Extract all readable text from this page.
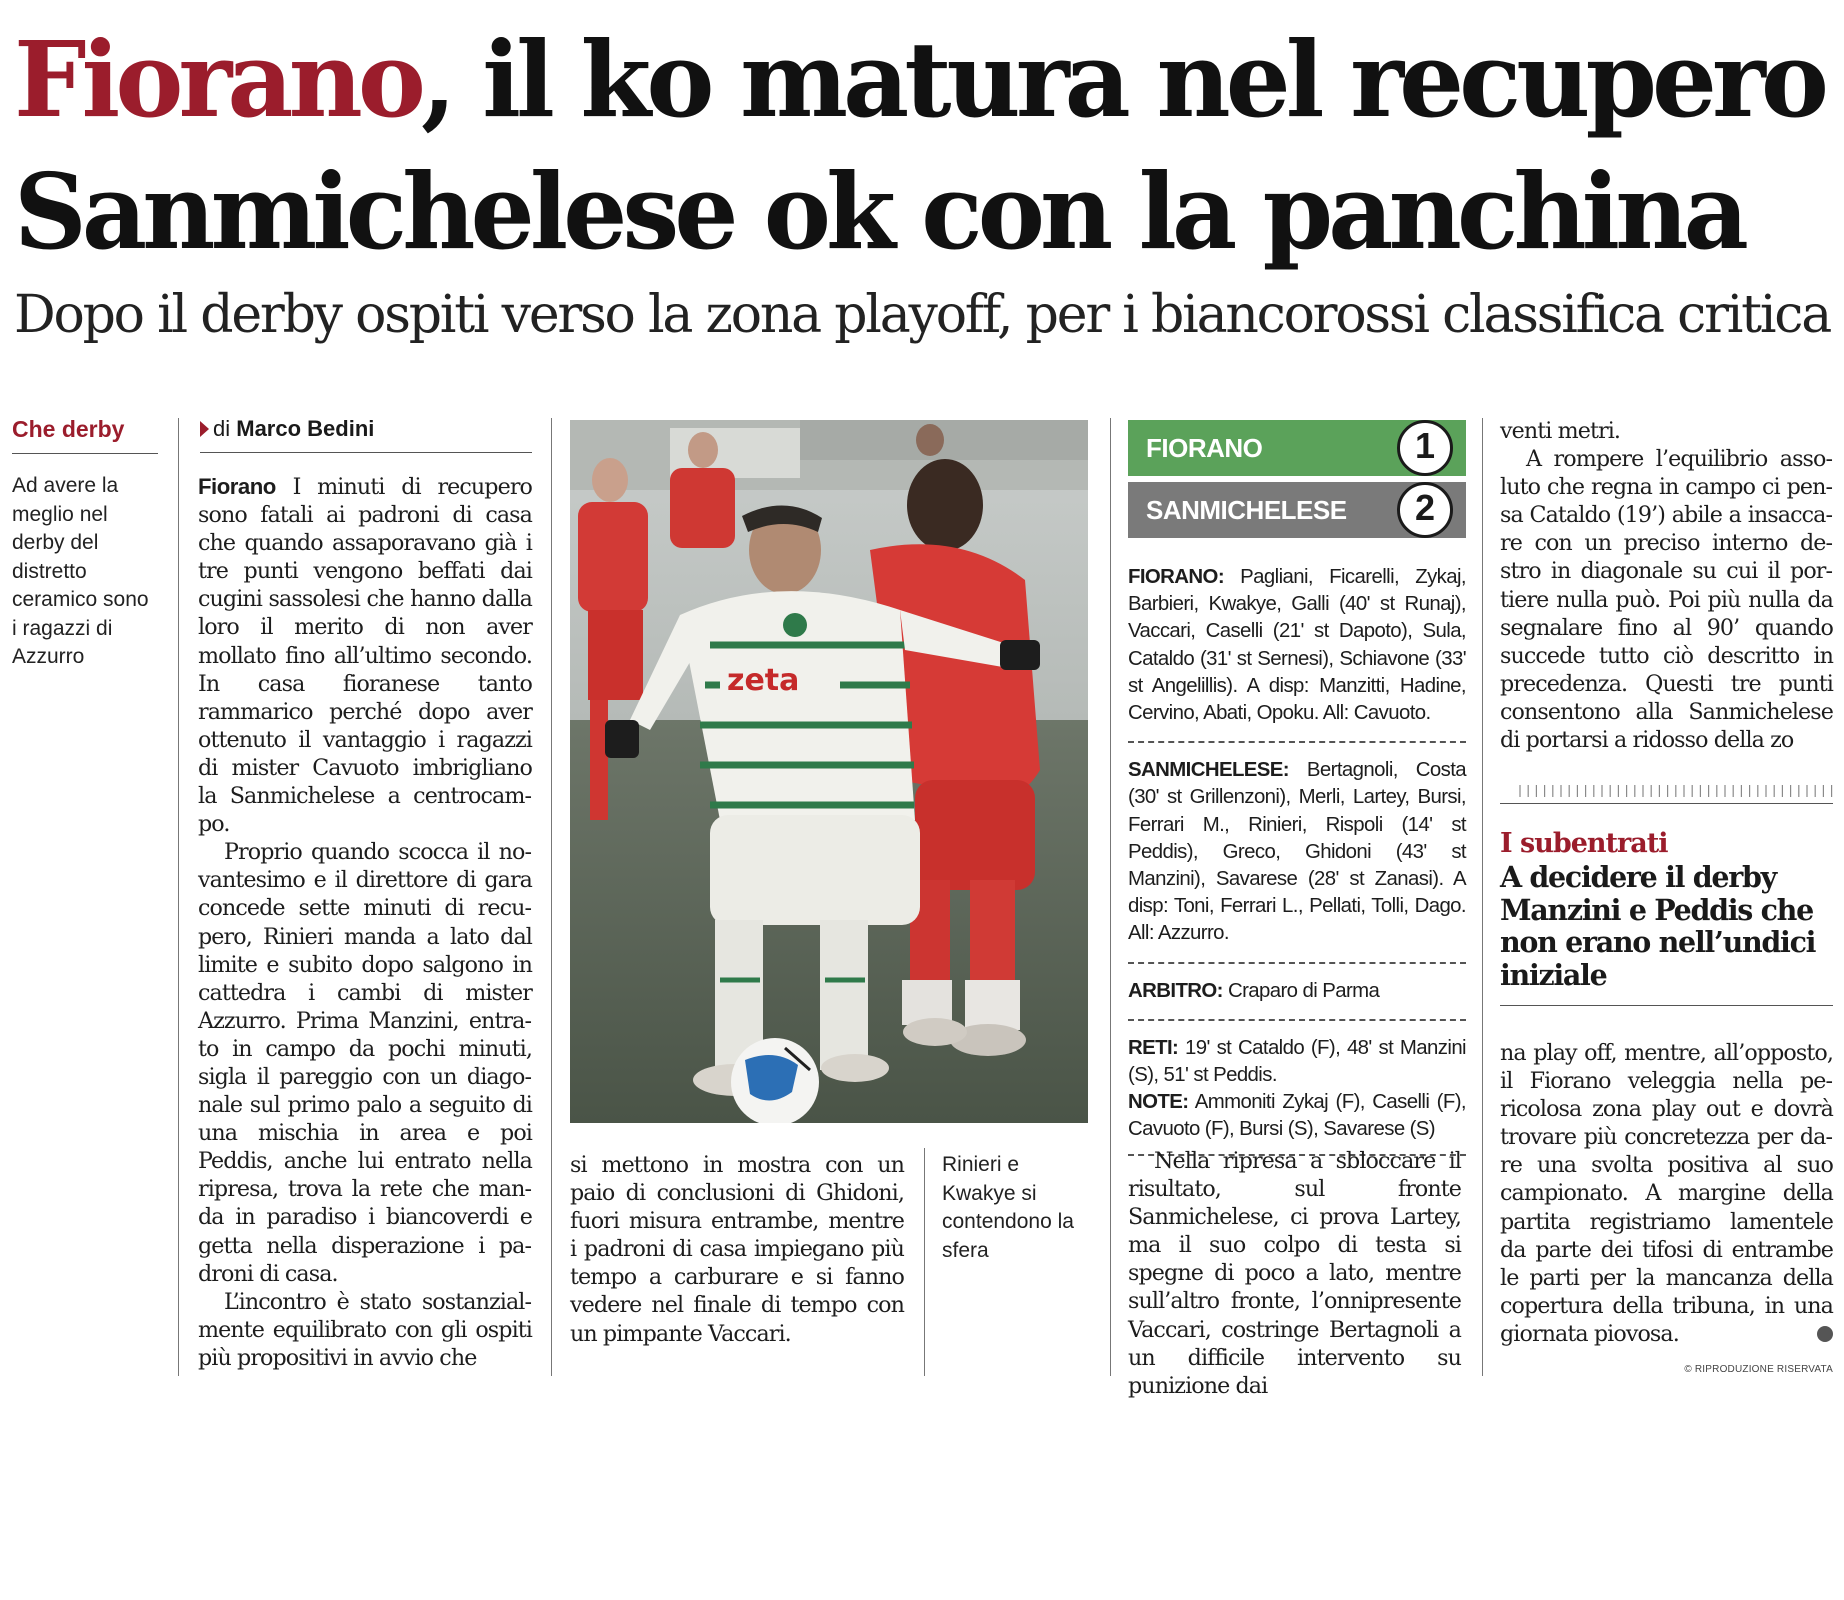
Fiorano, il ko matura nel recupero
Sanmichelese ok con la panchina
Dopo il derby ospiti verso la zona playoff, per i biancorossi classifica critica
Che derby
Ad avere la meglio nel derby del distretto ceramico sono i ragazzi di Azzurro
di Marco Bedini

Fiorano I minuti di recupero sono fatali ai padroni di casa che quando assaporavano già i tre punti vengono beffati dai cugini sassolesi che hanno dalla loro il merito di non aver mollato fino all’ultimo secondo. In casa fioranese tanto rammarico perché dopo aver ottenuto il vantaggio i ragazzi di mister Cavuoto imbrigliano la Sanmichelese a centrocampo.

Proprio quando scocca il novantesimo e il direttore di gara concede sette minuti di recupero, Rinieri manda a lato dal limite e subito dopo salgono in cattedra i cambi di mister Azzurro. Prima Manzini, entrato in campo da pochi minuti, sigla il pareggio con un diagonale sul primo palo a seguito di una mischia in area e poi Peddis, anche lui entrato nella ripresa, trova la rete che manda in paradiso i biancoverdi e getta nella disperazione i padroni di casa.

L’incontro è stato sostanzialmente equilibrato con gli ospiti più propositivi in avvio che

zeta

si mettono in mostra con un paio di conclusioni di Ghidoni, fuori misura entrambe, mentre i padroni di casa impiegano più tempo a carburare e si fanno vedere nel finale di tempo con un pimpante Vaccari.

Rinieri e Kwakye si contendono la sfera
FIORANO	1
SANMICHELESE	2
FIORANO: Pagliani, Ficarelli, Zykaj, Barbieri, Kwakye, Galli (40' st Runaj), Vaccari, Caselli (21' st Dapoto), Sula, Cataldo (31' st Sernesi), Schiavone (33' st Angelillis). A disp: Manzitti, Hadine, Cervino, Abati, Opoku. All: Cavuoto.
SANMICHELESE: Bertagnoli, Costa (30' st Grillenzoni), Merli, Lartey, Bursi, Ferrari M., Rinieri, Rispoli (14' st Peddis), Greco, Ghidoni (43' st Manzini), Savarese (28' st Zanasi). A disp: Toni, Ferrari L., Pellati, Tolli, Dago. All: Azzurro.
ARBITRO: Craparo di Parma
RETI: 19' st Cataldo (F), 48' st Manzini (S), 51' st Peddis.
NOTE: Ammoniti Zykaj (F), Caselli (F), Cavuoto (F), Bursi (S), Savarese (S)

Nella ripresa a sbloccare il risultato, sul fronte Sanmichelese, ci prova Lartey, ma il suo colpo di testa si spegne di poco a lato, mentre sull’altro fronte, l’onnipresente Vaccari, costringe Bertagnoli a un difficile intervento su punizione dai

venti metri.

A rompere l’equilibrio assoluto che regna in campo ci pensa Cataldo (19’) abile a insaccare con un preciso interno destro in diagonale su cui il portiere nulla può. Poi più nulla da segnalare fino al 90’ quando succede tutto ciò descritto in precedenza. Questi tre punti consentono alla Sanmichelese di portarsi a ridosso della zo

I subentrati
A decidere il derby Manzini e Peddis che non erano nell’undici iniziale

na play off, mentre, all’opposto, il Fiorano veleggia nella pericolosa zona play out e dovrà trovare più concretezza per dare una svolta positiva al suo campionato. A margine della partita registriamo lamentele da parte dei tifosi di entrambe le parti per la mancanza della copertura della tribuna, in una giornata piovosa.

© RIPRODUZIONE RISERVATA
